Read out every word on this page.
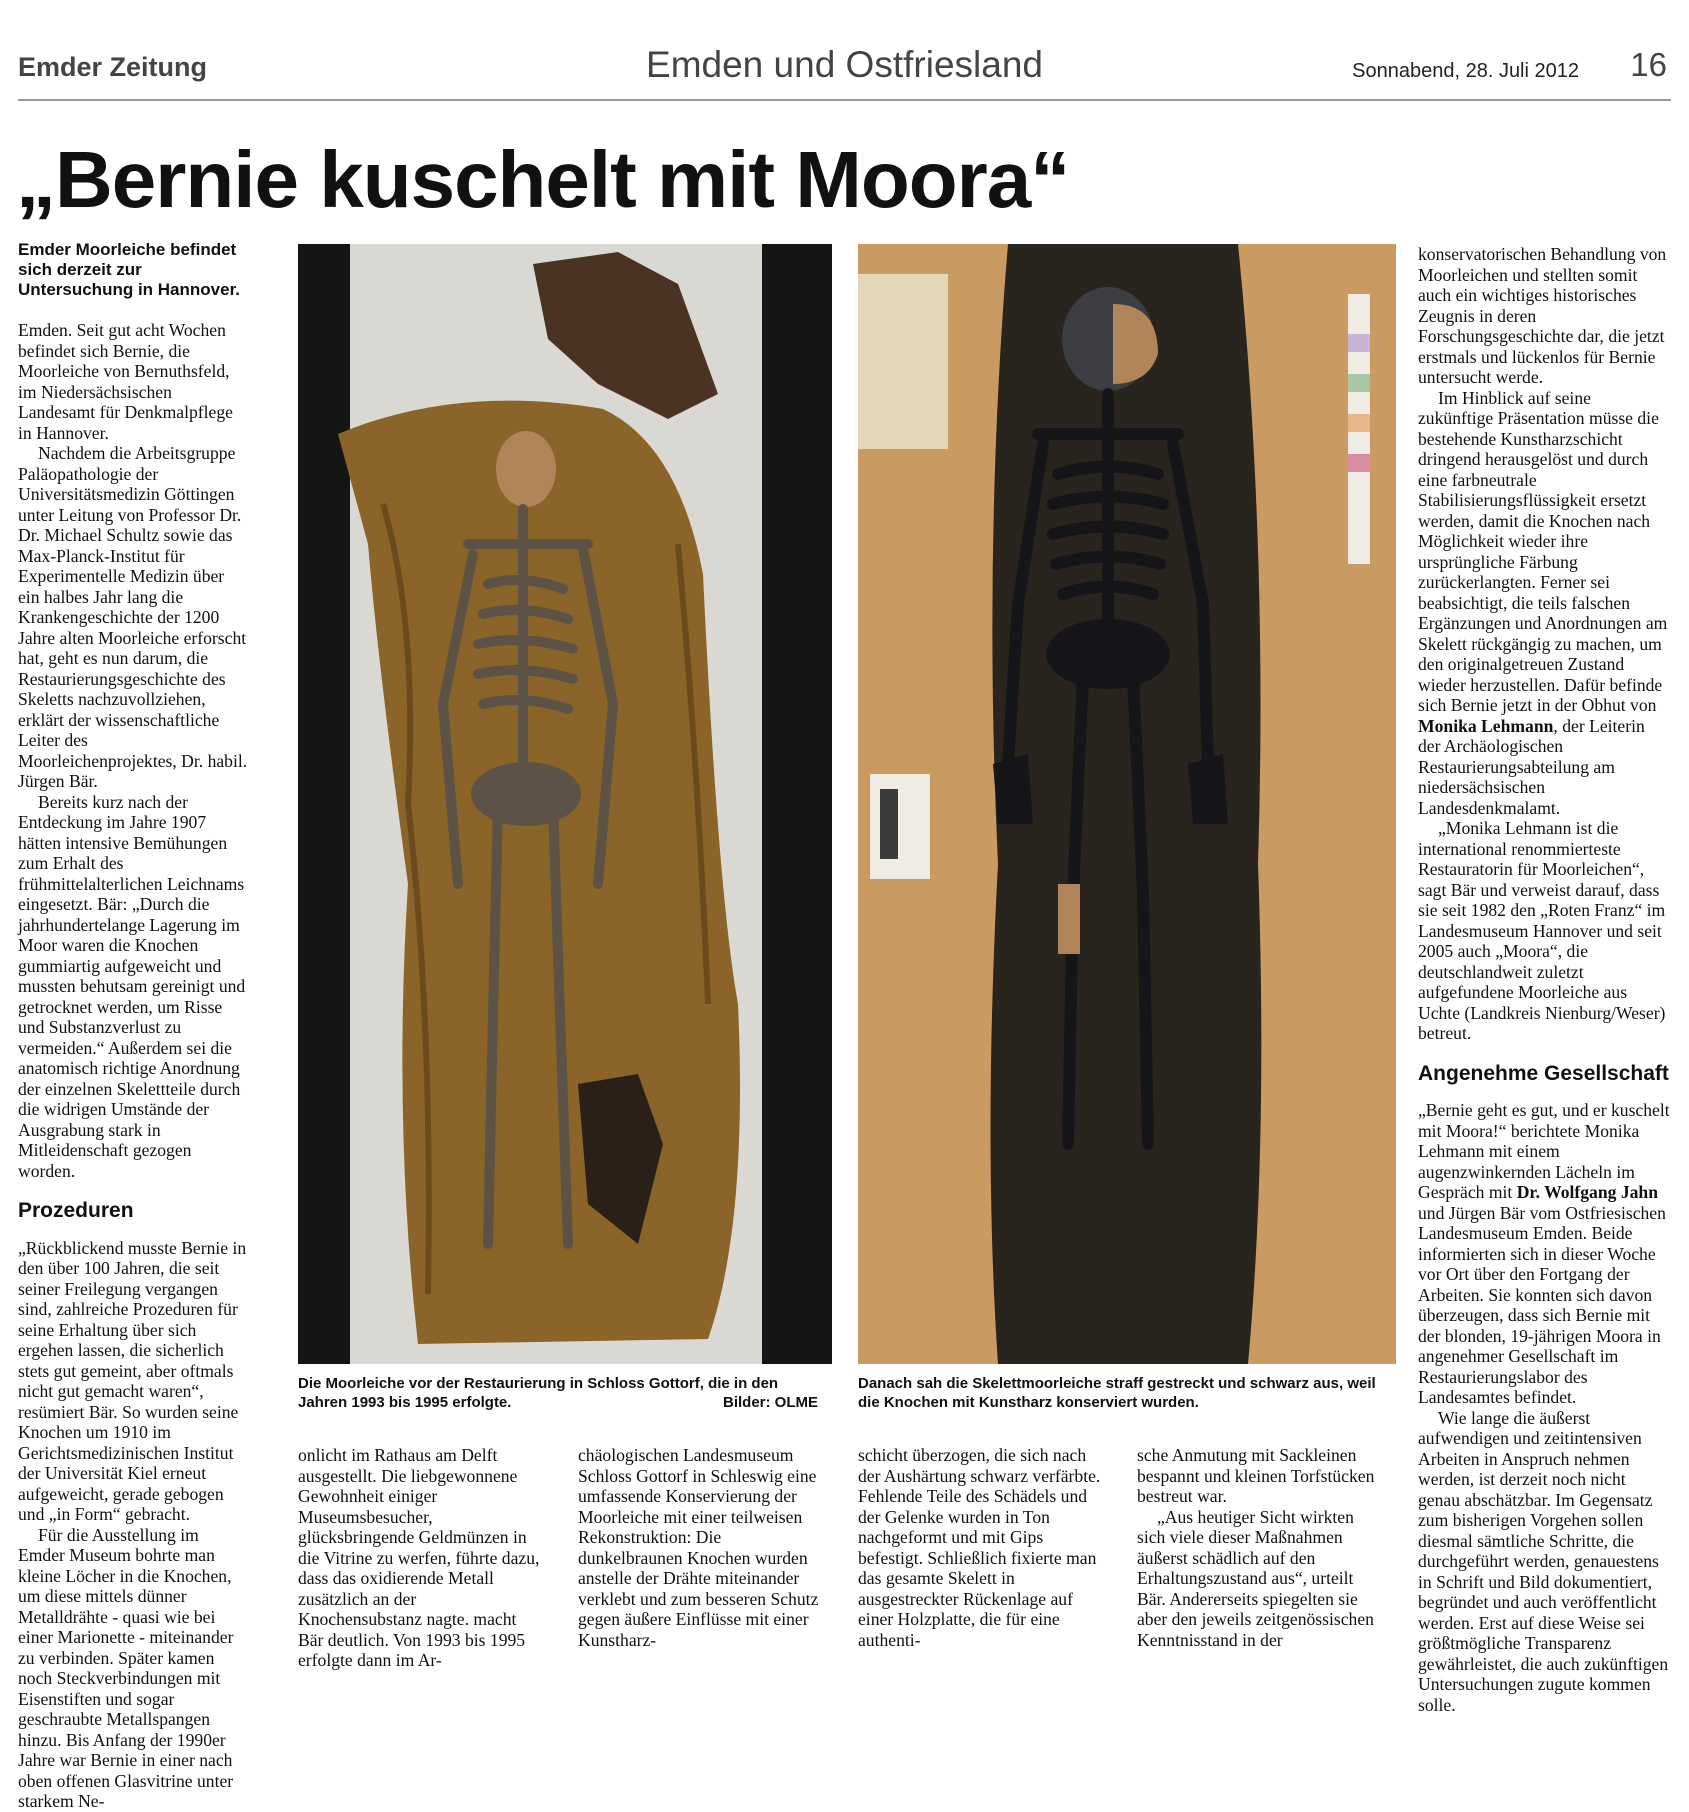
Emder Zeitung	Emden und Ostfriesland	Sonnabend, 28. Juli 2012 16
„Bernie kuschelt mit Moora“

Emder Moorleiche befindet sich derzeit zur Untersuchung in Hannover.

Emden. Seit gut acht Wochen befindet sich Bernie, die Moorleiche von Bernuthsfeld, im Niedersächsischen Landesamt für Denkmalpflege in Hannover.

Nachdem die Arbeitsgruppe Paläopathologie der Universitätsmedizin Göttingen unter Leitung von Professor Dr. Dr. Michael Schultz sowie das Max-Planck-Institut für Experimentelle Medizin über ein halbes Jahr lang die Krankengeschichte der 1200 Jahre alten Moorleiche erforscht hat, geht es nun darum, die Restaurierungsgeschichte des Skeletts nachzuvollziehen, erklärt der wissenschaftliche Leiter des Moorleichenprojektes, Dr. habil. Jürgen Bär.

Bereits kurz nach der Entdeckung im Jahre 1907 hätten intensive Bemühungen zum Erhalt des frühmittelalterlichen Leichnams eingesetzt. Bär: „Durch die jahrhundertelange Lagerung im Moor waren die Knochen gummiartig aufgeweicht und mussten behutsam gereinigt und getrocknet werden, um Risse und Substanzverlust zu vermeiden.“ Außerdem sei die anatomisch richtige Anordnung der einzelnen Skelettteile durch die widrigen Umstände der Ausgrabung stark in Mitleidenschaft gezogen worden.

Prozeduren

„Rückblickend musste Bernie in den über 100 Jahren, die seit seiner Freilegung vergangen sind, zahlreiche Prozeduren für seine Erhaltung über sich ergehen lassen, die sicherlich stets gut gemeint, aber oftmals nicht gut gemacht waren“, resümiert Bär. So wurden seine Knochen um 1910 im Gerichtsmedizinischen Institut der Universität Kiel erneut aufgeweicht, gerade gebogen und „in Form“ gebracht.

Für die Ausstellung im Emder Museum bohrte man kleine Löcher in die Knochen, um diese mittels dünner Metalldrähte - quasi wie bei einer Marionette - miteinander zu verbinden. Später kamen noch Steckverbindungen mit Eisenstiften und sogar geschraubte Metallspangen hinzu. Bis Anfang der 1990er Jahre war Bernie in einer nach oben offenen Glasvitrine unter starkem Ne-

Die Moorleiche vor der Restaurierung in Schloss Gottorf, die in den Jahren 1993 bis 1995 erfolgte.	Bilder: OLME
Danach sah die Skelettmoorleiche straff gestreckt und schwarz aus, weil die Knochen mit Kunstharz konserviert wurden.

onlicht im Rathaus am Delft ausgestellt. Die liebgewonnene Gewohnheit einiger Museumsbesucher, glücksbringende Geldmünzen in die Vitrine zu werfen, führte dazu, dass das oxidierende Metall zusätzlich an der Knochensubstanz nagte. macht Bär deutlich. Von 1993 bis 1995 erfolgte dann im Ar-

chäologischen Landesmuseum Schloss Gottorf in Schleswig eine umfassende Konservierung der Moorleiche mit einer teilweisen Rekonstruktion: Die dunkelbraunen Knochen wurden anstelle der Drähte miteinander verklebt und zum besseren Schutz gegen äußere Einflüsse mit einer Kunstharz-

schicht überzogen, die sich nach der Aushärtung schwarz verfärbte. Fehlende Teile des Schädels und der Gelenke wurden in Ton nachgeformt und mit Gips befestigt. Schließlich fixierte man das gesamte Skelett in ausgestreckter Rückenlage auf einer Holzplatte, die für eine authenti-

sche Anmutung mit Sackleinen bespannt und kleinen Torfstücken bestreut war.

„Aus heutiger Sicht wirkten sich viele dieser Maßnahmen äußerst schädlich auf den Erhaltungszustand aus“, urteilt Bär. Andererseits spiegelten sie aber den jeweils zeitgenössischen Kenntnisstand in der

konservatorischen Behandlung von Moorleichen und stellten somit auch ein wichtiges historisches Zeugnis in deren Forschungsgeschichte dar, die jetzt erstmals und lückenlos für Bernie untersucht werde.

Im Hinblick auf seine zukünftige Präsentation müsse die bestehende Kunstharzschicht dringend herausgelöst und durch eine farbneutrale Stabilisierungsflüssigkeit ersetzt werden, damit die Knochen nach Möglichkeit wieder ihre ursprüngliche Färbung zurückerlangten. Ferner sei beabsichtigt, die teils falschen Ergänzungen und Anordnungen am Skelett rückgängig zu machen, um den originalgetreuen Zustand wieder herzustellen. Dafür befinde sich Bernie jetzt in der Obhut von Monika Lehmann, der Leiterin der Archäologischen Restaurierungsabteilung am niedersächsischen Landesdenkmalamt.

„Monika Lehmann ist die international renommierteste Restauratorin für Moorleichen“, sagt Bär und verweist darauf, dass sie seit 1982 den „Roten Franz“ im Landesmuseum Hannover und seit 2005 auch „Moora“, die deutschlandweit zuletzt aufgefundene Moorleiche aus Uchte (Landkreis Nienburg/Weser) betreut.

Angenehme Gesellschaft

„Bernie geht es gut, und er kuschelt mit Moora!“ berichtete Monika Lehmann mit einem augenzwinkernden Lächeln im Gespräch mit Dr. Wolfgang Jahn und Jürgen Bär vom Ostfriesischen Landesmuseum Emden. Beide informierten sich in dieser Woche vor Ort über den Fortgang der Arbeiten. Sie konnten sich davon überzeugen, dass sich Bernie mit der blonden, 19-jährigen Moora in angenehmer Gesellschaft im Restaurierungslabor des Landesamtes befindet.

Wie lange die äußerst aufwendigen und zeitintensiven Arbeiten in Anspruch nehmen werden, ist derzeit noch nicht genau abschätzbar. Im Gegensatz zum bisherigen Vorgehen sollen diesmal sämtliche Schritte, die durchgeführt werden, genauestens in Schrift und Bild dokumentiert, begründet und auch veröffentlicht werden. Erst auf diese Weise sei größtmögliche Transparenz gewährleistet, die auch zukünftigen Untersuchungen zugute kommen solle.
